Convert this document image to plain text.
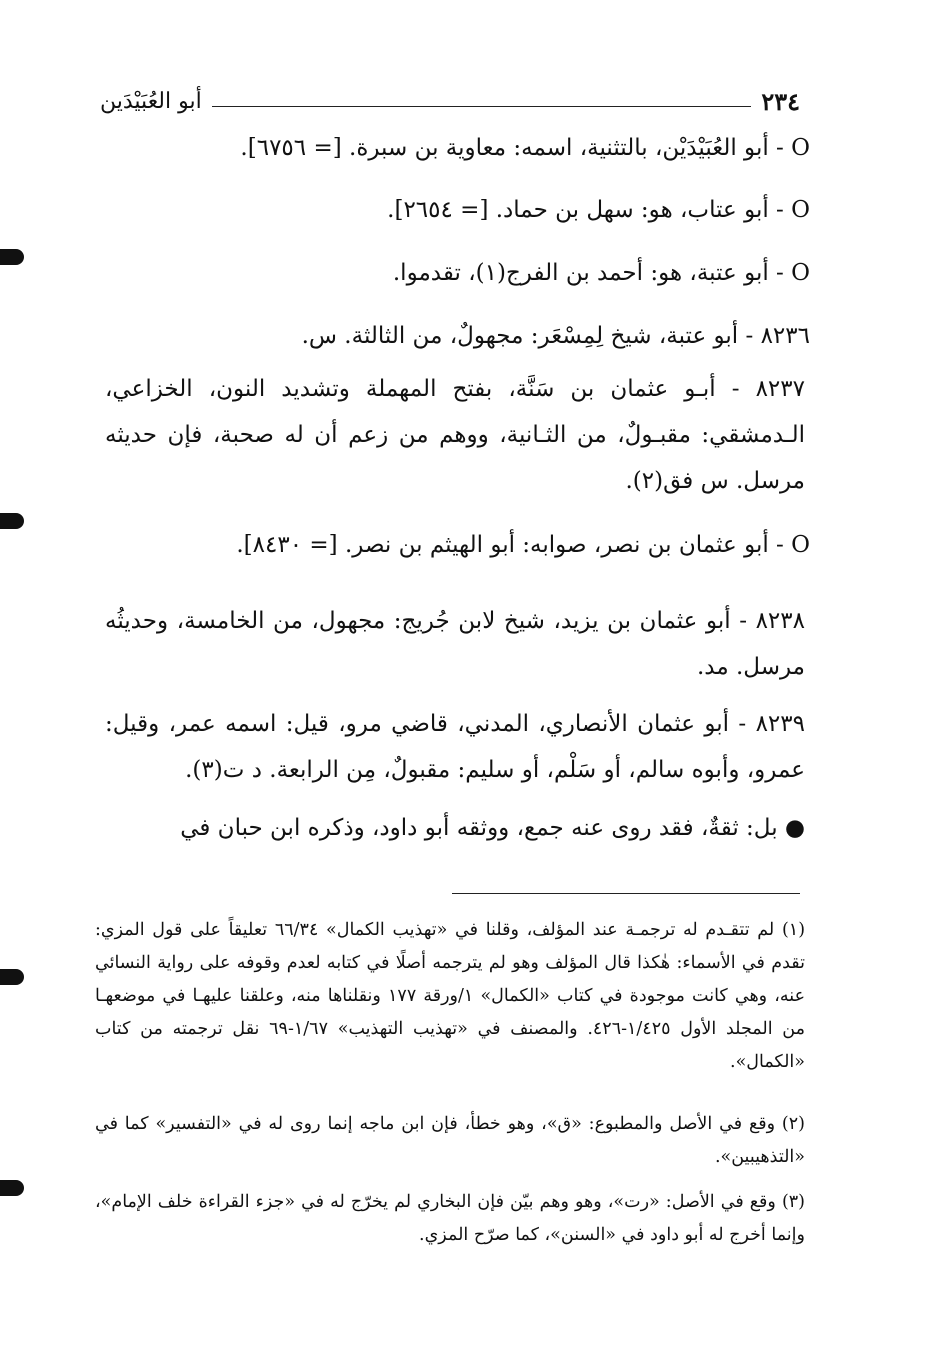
٢٣٤
أبو العُبَيْدَين
O - أبو العُبَيْدَيْن، بالتثنية، اسمه: معاوية بن سبرة. [= ٦٧٥٦].
O - أبو عتاب، هو: سهل بن حماد. [= ٢٦٥٤].
O - أبو عتبة، هو: أحمد بن الفرج(١)، تقدموا.
٨٢٣٦ - أبو عتبة، شيخ لِمِسْعَر: مجهولٌ، من الثالثة. س.
٨٢٣٧ - أبـو عثمان بن سَنَّة، بفتح المهملة وتشديد النون، الخزاعي، الـدمشقي: مقبـولٌ، من الثـانية، ووهم من زعم أن له صحبة، فإن حديثه مرسل. س فق(٢).
O - أبو عثمان بن نصر، صوابه: أبو الهيثم بن نصر. [= ٨٤٣٠].
٨٢٣٨ - أبو عثمان بن يزيد، شيخ لابن جُريج: مجهول، من الخامسة، وحديثُه مرسل. مد.
٨٢٣٩ - أبو عثمان الأنصاري، المدني، قاضي مرو، قيل: اسمه عمر، وقيل: عمرو، وأبوه سالم، أو سَلْم، أو سليم: مقبولٌ، مِن الرابعة. د ت(٣).
● بل: ثقةٌ، فقد روى عنه جمع، ووثقه أبو داود، وذكره ابن حبان في
(١) لم تتقـدم له ترجمـة عند المؤلف، وقلنا في «تهذيب الكمال» ٦٦/٣٤ تعليقاً على قول المزي: تقدم في الأسماء: هٰكذا قال المؤلف وهو لم يترجمه أصلًا في كتابه لعدم وقوفه على رواية النسائي عنه، وهي كانت موجودة في كتاب «الكمال» ١/ورقة ١٧٧ ونقلناها منه، وعلقنا عليهـا في موضعهـا من المجلد الأول ١/٤٢٥-٤٢٦. والمصنف في «تهذيب التهذيب» ١/٦٧-٦٩ نقل ترجمته من كتاب «الكمال».
(٢) وقع في الأصل والمطبوع: «ق»، وهو خطأ، فإن ابن ماجه إنما روى له في «التفسير» كما في «التذهيبين».
(٣) وقع في الأصل: «رت»، وهو وهم بيّن فإن البخاري لم يخرّج له في «جزء القراءة خلف الإمام»، وإنما أخرج له أبو داود في «السنن»، كما صرّح المزي.
